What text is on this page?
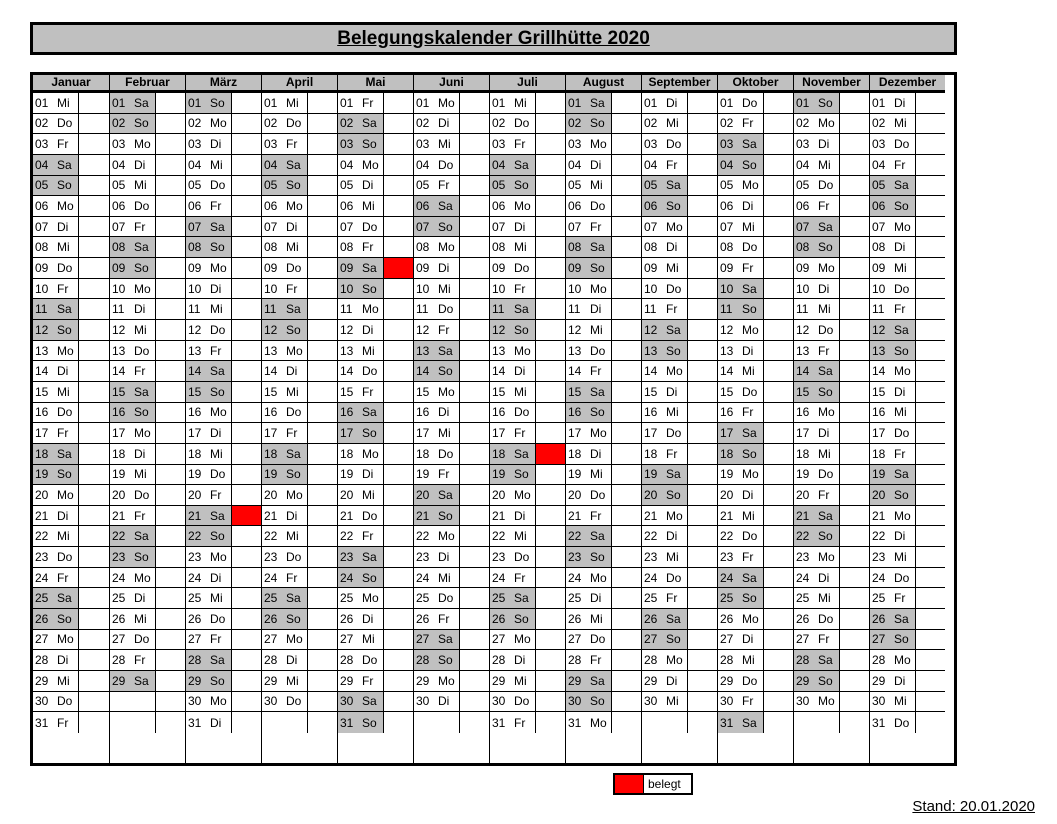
Belegungskalender Grillhütte 2020
Januar
01 Mi
02 Do
03 Fr
04 Sa
05 So
06 Mo
07 Di
08 Mi
09 Do
10 Fr
11 Sa
12 So
13 Mo
14 Di
15 Mi
16 Do
17 Fr
18 Sa
19 So
20 Mo
21 Di
22 Mi
23 Do
24 Fr
25 Sa
26 So
27 Mo
28 Di
29 Mi
30 Do
31 Fr
Februar
01 Sa
02 So
03 Mo
04 Di
05 Mi
06 Do
07 Fr
08 Sa
09 So
10 Mo
11 Di
12 Mi
13 Do
14 Fr
15 Sa
16 So
17 Mo
18 Di
19 Mi
20 Do
21 Fr
22 Sa
23 So
24 Mo
25 Di
26 Mi
27 Do
28 Fr
29 Sa
März
01 So
02 Mo
03 Di
04 Mi
05 Do
06 Fr
07 Sa
08 So
09 Mo
10 Di
11 Mi
12 Do
13 Fr
14 Sa
15 So
16 Mo
17 Di
18 Mi
19 Do
20 Fr
21 Sa
22 So
23 Mo
24 Di
25 Mi
26 Do
27 Fr
28 Sa
29 So
30 Mo
31 Di
April
01 Mi
02 Do
03 Fr
04 Sa
05 So
06 Mo
07 Di
08 Mi
09 Do
10 Fr
11 Sa
12 So
13 Mo
14 Di
15 Mi
16 Do
17 Fr
18 Sa
19 So
20 Mo
21 Di
22 Mi
23 Do
24 Fr
25 Sa
26 So
27 Mo
28 Di
29 Mi
30 Do
Mai
01 Fr
02 Sa
03 So
04 Mo
05 Di
06 Mi
07 Do
08 Fr
09 Sa
10 So
11 Mo
12 Di
13 Mi
14 Do
15 Fr
16 Sa
17 So
18 Mo
19 Di
20 Mi
21 Do
22 Fr
23 Sa
24 So
25 Mo
26 Di
27 Mi
28 Do
29 Fr
30 Sa
31 So
Juni
01 Mo
02 Di
03 Mi
04 Do
05 Fr
06 Sa
07 So
08 Mo
09 Di
10 Mi
11 Do
12 Fr
13 Sa
14 So
15 Mo
16 Di
17 Mi
18 Do
19 Fr
20 Sa
21 So
22 Mo
23 Di
24 Mi
25 Do
26 Fr
27 Sa
28 So
29 Mo
30 Di
Juli
01 Mi
02 Do
03 Fr
04 Sa
05 So
06 Mo
07 Di
08 Mi
09 Do
10 Fr
11 Sa
12 So
13 Mo
14 Di
15 Mi
16 Do
17 Fr
18 Sa
19 So
20 Mo
21 Di
22 Mi
23 Do
24 Fr
25 Sa
26 So
27 Mo
28 Di
29 Mi
30 Do
31 Fr
August
01 Sa
02 So
03 Mo
04 Di
05 Mi
06 Do
07 Fr
08 Sa
09 So
10 Mo
11 Di
12 Mi
13 Do
14 Fr
15 Sa
16 So
17 Mo
18 Di
19 Mi
20 Do
21 Fr
22 Sa
23 So
24 Mo
25 Di
26 Mi
27 Do
28 Fr
29 Sa
30 So
31 Mo
September
01 Di
02 Mi
03 Do
04 Fr
05 Sa
06 So
07 Mo
08 Di
09 Mi
10 Do
11 Fr
12 Sa
13 So
14 Mo
15 Di
16 Mi
17 Do
18 Fr
19 Sa
20 So
21 Mo
22 Di
23 Mi
24 Do
25 Fr
26 Sa
27 So
28 Mo
29 Di
30 Mi
Oktober
01 Do
02 Fr
03 Sa
04 So
05 Mo
06 Di
07 Mi
08 Do
09 Fr
10 Sa
11 So
12 Mo
13 Di
14 Mi
15 Do
16 Fr
17 Sa
18 So
19 Mo
20 Di
21 Mi
22 Do
23 Fr
24 Sa
25 So
26 Mo
27 Di
28 Mi
29 Do
30 Fr
31 Sa
November
01 So
02 Mo
03 Di
04 Mi
05 Do
06 Fr
07 Sa
08 So
09 Mo
10 Di
11 Mi
12 Do
13 Fr
14 Sa
15 So
16 Mo
17 Di
18 Mi
19 Do
20 Fr
21 Sa
22 So
23 Mo
24 Di
25 Mi
26 Do
27 Fr
28 Sa
29 So
30 Mo
Dezember
01 Di
02 Mi
03 Do
04 Fr
05 Sa
06 So
07 Mo
08 Di
09 Mi
10 Do
11 Fr
12 Sa
13 So
14 Mo
15 Di
16 Mi
17 Do
18 Fr
19 Sa
20 So
21 Mo
22 Di
23 Mi
24 Do
25 Fr
26 Sa
27 So
28 Mo
29 Di
30 Mi
31 Do
belegt
Stand: 20.01.2020
